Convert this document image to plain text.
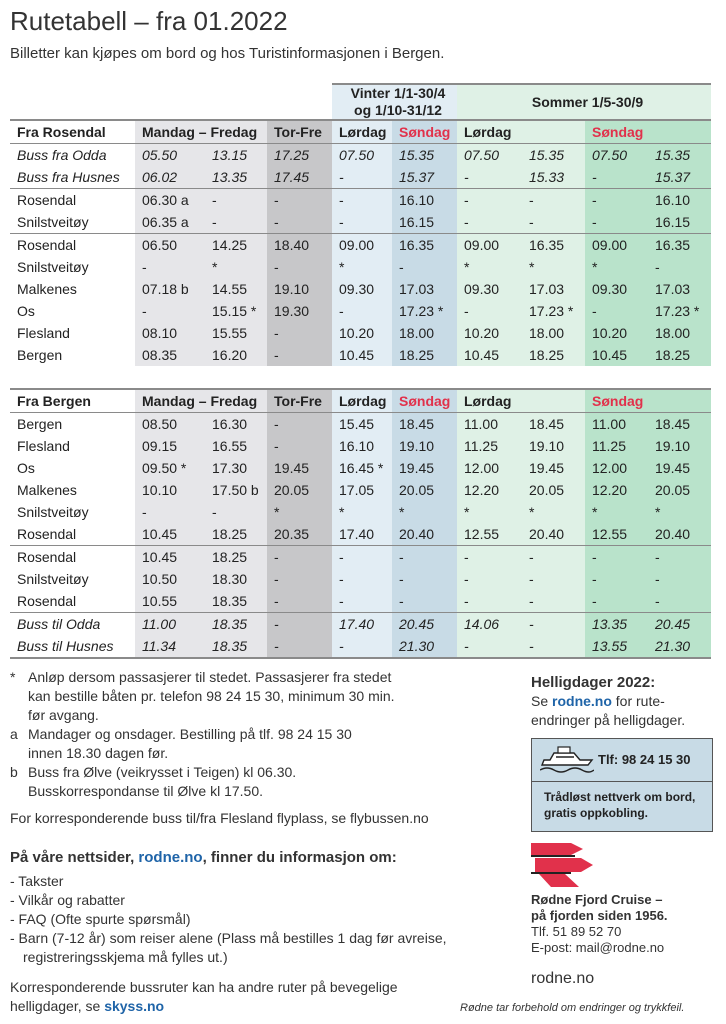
Rutetabell – fra 01.2022
Billetter kan kjøpes om bord og hos Turistinformasjonen i Bergen.

				Vinter 1/1-30/4
og 1/10-31/12		Sommer 1/5-30/9			
Fra Rosendal	Mandag – Fredag		Tor-Fre	Lørdag	Søndag	Lørdag		Søndag	
Buss fra Odda	05.50	13.15	17.25	07.50	15.35	07.50	15.35	07.50	15.35
Buss fra Husnes	06.02	13.35	17.45	-	15.37	-	15.33	-	15.37
Rosendal	06.30 a	-	-	-	16.10	-	-	-	16.10
Snilstveitøy	06.35 a	-	-	-	16.15	-	-	-	16.15
Rosendal	06.50	14.25	18.40	09.00	16.35	09.00	16.35	09.00	16.35
Snilstveitøy	-	*	-	*	-	*	*	*	-
Malkenes	07.18 b	14.55	19.10	09.30	17.03	09.30	17.03	09.30	17.03
Os	-	15.15 *	19.30	-	17.23 *	-	17.23 *	-	17.23 *
Flesland	08.10	15.55	-	10.20	18.00	10.20	18.00	10.20	18.00
Bergen	08.35	16.20	-	10.45	18.25	10.45	18.25	10.45	18.25

Fra Bergen	Mandag – Fredag		Tor-Fre	Lørdag	Søndag	Lørdag		Søndag	
Bergen	08.50	16.30	-	15.45	18.45	11.00	18.45	11.00	18.45
Flesland	09.15	16.55	-	16.10	19.10	11.25	19.10	11.25	19.10
Os	09.50 *	17.30	19.45	16.45 *	19.45	12.00	19.45	12.00	19.45
Malkenes	10.10	17.50 b	20.05	17.05	20.05	12.20	20.05	12.20	20.05
Snilstveitøy	-	-	*	*	*	*	*	*	*
Rosendal	10.45	18.25	20.35	17.40	20.40	12.55	20.40	12.55	20.40
Rosendal	10.45	18.25	-	-	-	-	-	-	-
Snilstveitøy	10.50	18.30	-	-	-	-	-	-	-
Rosendal	10.55	18.35	-	-	-	-	-	-	-
Buss til Odda	11.00	18.35	-	17.40	20.45	14.06	-	13.35	20.45
Buss til Husnes	11.34	18.35	-	-	21.30	-	-	13.55	21.30
* Anløp dersom passasjerer til stedet. Passasjerer fra stedet
kan bestille båten pr. telefon 98 24 15 30, minimum 30 min.
før avgang.
a Mandager og onsdager. Bestilling på tlf. 98 24 15 30
innen 18.30 dagen før.
b Buss fra Ølve (veikrysset i Teigen) kl 06.30.
Busskorrespondanse til Ølve kl 17.50.
For korresponderende buss til/fra Flesland flyplass, se flybussen.no
På våre nettsider, rodne.no, finner du informasjon om:
- Takster
- Vilkår og rabatter
- FAQ (Ofte spurte spørsmål)
- Barn (7-12 år) som reiser alene (Plass må bestilles 1 dag før avreise,
registreringsskjema må fylles ut.)
Korresponderende bussruter kan ha andre ruter på bevegelige
helligdager, se skyss.no
Helligdager 2022:
Se rodne.no for rute-
endringer på helligdager.
Tlf: 98 24 15 30
Trådløst nettverk om bord,
gratis oppkobling.
Rødne Fjord Cruise –
på fjorden siden 1956.
Tlf. 51 89 52 70
E-post: mail@rodne.no
rodne.no
Rødne tar forbehold om endringer og trykkfeil.
